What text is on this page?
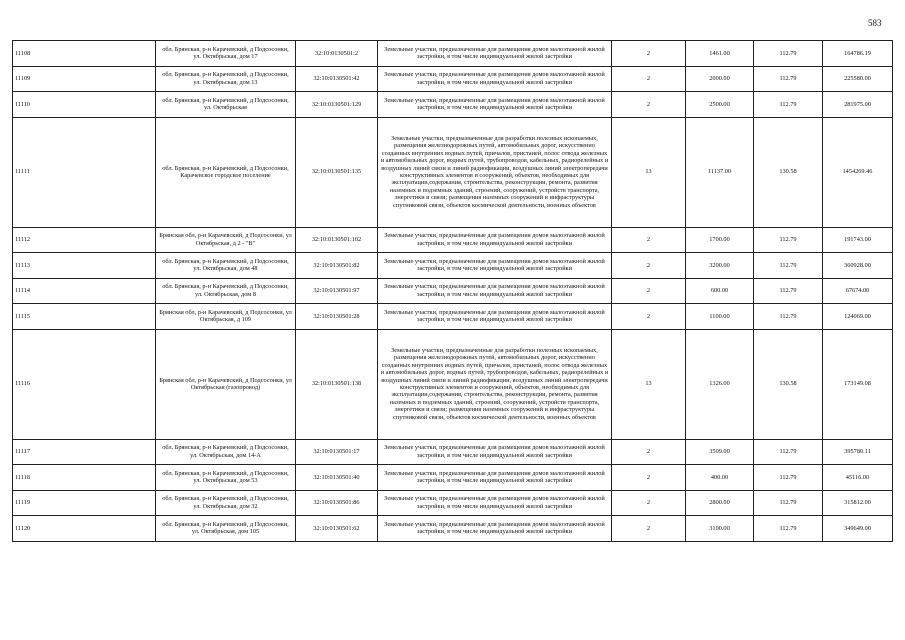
583
11108	обл. Брянская, р-н Карачевский, д Подсосонки, ул. Октябрьская, дом 17	32:10:0130501:2	Земельные участки, предназначенные для размещения домов малоэтажной жилой застройки, в том числе индивидуальной жилой застройки	2	1461.00	112.79	164786.19
11109	обл. Брянская, р-н Карачевский, д Подсосонки, ул. Октябрьская, дом 13	32:10:0130501:42	Земельные участки, предназначенные для размещения домов малоэтажной жилой застройки, в том числе индивидуальной жилой застройки	2	2000.00	112.79	225580.00
11110	обл. Брянская, р-н Карачевский, д Подсосонки, ул. Октябрьская	32:10:0130501:129	Земельные участки, предназначенные для размещения домов малоэтажной жилой застройки, в том числе индивидуальной жилой застройки	2	2500.00	112.79	281975.00
11111	обл. Брянская, р-н Карачевский, д Подсосонки, Карачевское городское поселение	32:10:0130501:135	Земельные участки, предназначенные для разработки полезных ископаемых, размещения железнодорожных путей, автомобильных дорог, искусственно созданных внутренних водных путей, причалов, пристаней, полос отвода железных и автомобильных дорог, водных путей, трубопроводов, кабельных, радиорелейных и воздушных линий связи и линий радиофикации, воздушных линий электропередачи конструктивных элементов и сооружений, объектов, необходимых для эксплуатации,содержания, строительства, реконструкции, ремонта, развития наземных и подземных зданий, строений, сооружений, устройств транспорта, энергетики и связи; размещения наземных сооружений и инфраструктуры спутниковой связи, объектов космической деятельности, военных объектов	13	11137.00	130.58	1454269.46
11112	Брянская обл, р-н Карачевский, д Подсосонки, ул Октябрьская, д 2 - "В"	32:10:0130501:102	Земельные участки, предназначенные для размещения домов малоэтажной жилой застройки, в том числе индивидуальной жилой застройки	2	1700.00	112.79	191743.00
11113	обл. Брянская, р-н Карачевский, д Подсосонки, ул. Октябрьская, дом 48	32:10:0130501:82	Земельные участки, предназначенные для размещения домов малоэтажной жилой застройки, в том числе индивидуальной жилой застройки	2	3200.00	112.79	360928.00
11114	обл. Брянская, р-н Карачевский, д Подсосонки, ул. Октябрьская, дом 8	32:10:0130501:97	Земельные участки, предназначенные для размещения домов малоэтажной жилой застройки, в том числе индивидуальной жилой застройки	2	600.00	112.79	67674.00
11115	Брянская обл, р-н Карачевский, д Подсосонки, ул Октябрьская, д 109	32:10:0130501:28	Земельные участки, предназначенные для размещения домов малоэтажной жилой застройки, в том числе индивидуальной жилой застройки	2	1100.00	112.79	124069.00
11116	Брянская обл, р-н Карачевский, д Подсосонки, ул Октябрьская (газопровод)	32:10:0130501:138	Земельные участки, предназначенные для разработки полезных ископаемых, размещения железнодорожных путей, автомобильных дорог, искусственно созданных внутренних водных путей, причалов, пристаней, полос отвода железных и автомобильных дорог, водных путей, трубопроводов, кабельных, радиорелейных и воздушных линий связи и линий радиофикации, воздушных линий электропередачи конструктивных элементов и сооружений, объектов, необходимых для эксплуатации,содержания, строительства, реконструкции, ремонта, развития наземных и подземных зданий, строений, сооружений, устройств транспорта, энергетики и связи; размещения наземных сооружений и инфраструктуры спутниковой связи, объектов космической деятельности, военных объектов	13	1326.00	130.58	173149.08
11117	обл. Брянская, р-н Карачевский, д Подсосонки, ул. Октябрьская, дом 14-А	32:10:0130501:17	Земельные участки, предназначенные для размещения домов малоэтажной жилой застройки, в том числе индивидуальной жилой застройки	2	3509.00	112.79	395780.11
11118	обл. Брянская, р-н Карачевский, д Подсосонки, ул. Октябрьская, дом 53	32:10:0130501:40	Земельные участки, предназначенные для размещения домов малоэтажной жилой застройки, в том числе индивидуальной жилой застройки	2	400.00	112.79	45116.00
11119	обл. Брянская, р-н Карачевский, д Подсосонки, ул. Октябрьская, дом 32	32:10:0130501:86	Земельные участки, предназначенные для размещения домов малоэтажной жилой застройки, в том числе индивидуальной жилой застройки	2	2800.00	112.79	315812.00
11120	обл. Брянская, р-н Карачевский, д Подсосонки, ул. Октябрьская, дом 105	32:10:0130501:62	Земельные участки, предназначенные для размещения домов малоэтажной жилой застройки, в том числе индивидуальной жилой застройки	2	3100.00	112.79	349649.00
